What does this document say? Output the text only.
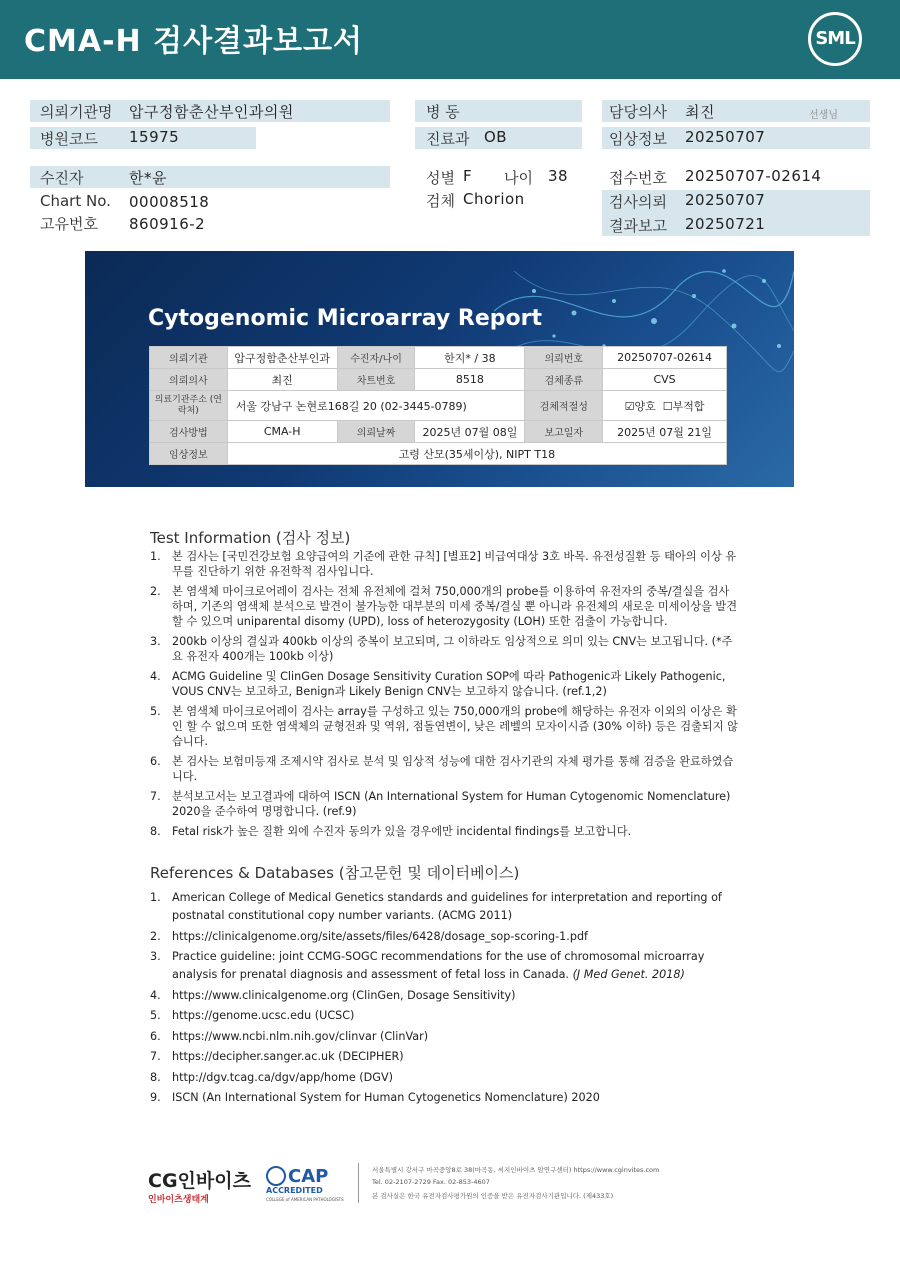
CMA-H 검사결과보고서	SML
의뢰기관명 압구정함춘산부인과의원
병원코드 15975
수진자	한*윤
Chart No. 00008518
고유번호 860916-2
병 동
진료과 OB
성별 F 나이 38
검체 Chorion
담당의사 최진	선생님
임상정보 20250707
접수번호 20250707-02614
검사의뢰 20250707
결과보고 20250721
Cytogenomic Microarray Report
의뢰기관	압구정함춘산부인과	수진자/나이	한지* / 38	의뢰번호	20250707-02614
의뢰의사	최진	차트번호	8518	검체종류	CVS
의료기관주소 (연락처)	서울 강남구 논현로168길 20 (02-3445-0789)			검체적절성	☑양호 ☐부적합
검사방법	CMA-H	의뢰날짜	2025년 07월 08일	보고일자	2025년 07월 21일
임상정보	고령 산모(35세이상), NIPT T18				
Test Information (검사 정보)
1. 본 검사는 [국민건강보험 요양급여의 기준에 관한 규칙] [별표2] 비급여대상 3호 바목. 유전성질환 등 태아의 이상 유무를 진단하기 위한 유전학적 검사입니다.
2. 본 염색체 마이크로어레이 검사는 전체 유전체에 걸쳐 750,000개의 probe를 이용하여 유전자의 중복/결실을 검사하며, 기존의 염색체 분석으로 발견이 불가능한 대부분의 미세 중복/결실 뿐 아니라 유전체의 새로운 미세이상을 발견 할 수 있으며 uniparental disomy (UPD), loss of heterozygosity (LOH) 또한 검출이 가능합니다.
3. 200kb 이상의 결실과 400kb 이상의 중복이 보고되며, 그 이하라도 임상적으로 의미 있는 CNV는 보고됩니다. (*주요 유전자 400개는 100kb 이상)
4. ACMG Guideline 및 ClinGen Dosage Sensitivity Curation SOP에 따라 Pathogenic과 Likely Pathogenic, VOUS CNV는 보고하고, Benign과 Likely Benign CNV는 보고하지 않습니다. (ref.1,2)
5. 본 염색체 마이크로어레이 검사는 array를 구성하고 있는 750,000개의 probe에 해당하는 유전자 이외의 이상은 확인 할 수 없으며 또한 염색체의 균형전좌 및 역위, 점돌연변이, 낮은 레벨의 모자이시즘 (30% 이하) 등은 검출되지 않습니다.
6. 본 검사는 보험미등재 조제시약 검사로 분석 및 임상적 성능에 대한 검사기관의 자체 평가를 통해 검증을 완료하였습니다.
7. 분석보고서는 보고결과에 대하여 ISCN (An International System for Human Cytogenomic Nomenclature) 2020을 준수하여 명명합니다. (ref.9)
8. Fetal risk가 높은 질환 외에 수진자 동의가 있을 경우에만 incidental findings를 보고합니다.
References & Databases (참고문헌 및 데이터베이스)
1. American College of Medical Genetics standards and guidelines for interpretation and reporting of postnatal constitutional copy number variants. (ACMG 2011)
2. https://clinicalgenome.org/site/assets/files/6428/dosage_sop-scoring-1.pdf
3. Practice guideline: joint CCMG-SOGC recommendations for the use of chromosomal microarray analysis for prenatal diagnosis and assessment of fetal loss in Canada. (J Med Genet. 2018)
4. https://www.clinicalgenome.org (ClinGen, Dosage Sensitivity)
5. https://genome.ucsc.edu (UCSC)
6. https://www.ncbi.nlm.nih.gov/clinvar (ClinVar)
7. https://decipher.sanger.ac.uk (DECIPHER)
8. http://dgv.tcag.ca/dgv/app/home (DGV)
9. ISCN (An International System for Human Cytogenetics Nomenclature) 2020
CG인바이츠
인바이츠생태계
CAP
ACCREDITED
COLLEGE of AMERICAN PATHOLOGISTS
서울특별시 강서구 마곡중앙8로 38(마곡동, 씨지인바이츠 암연구센터) https://www.cginvites.com
Tel. 02-2107-2729 Fax. 02-853-4607
본 검사실은 한국 유전자검사평가원의 인증을 받은 유전자검사기관입니다. (제433호)
